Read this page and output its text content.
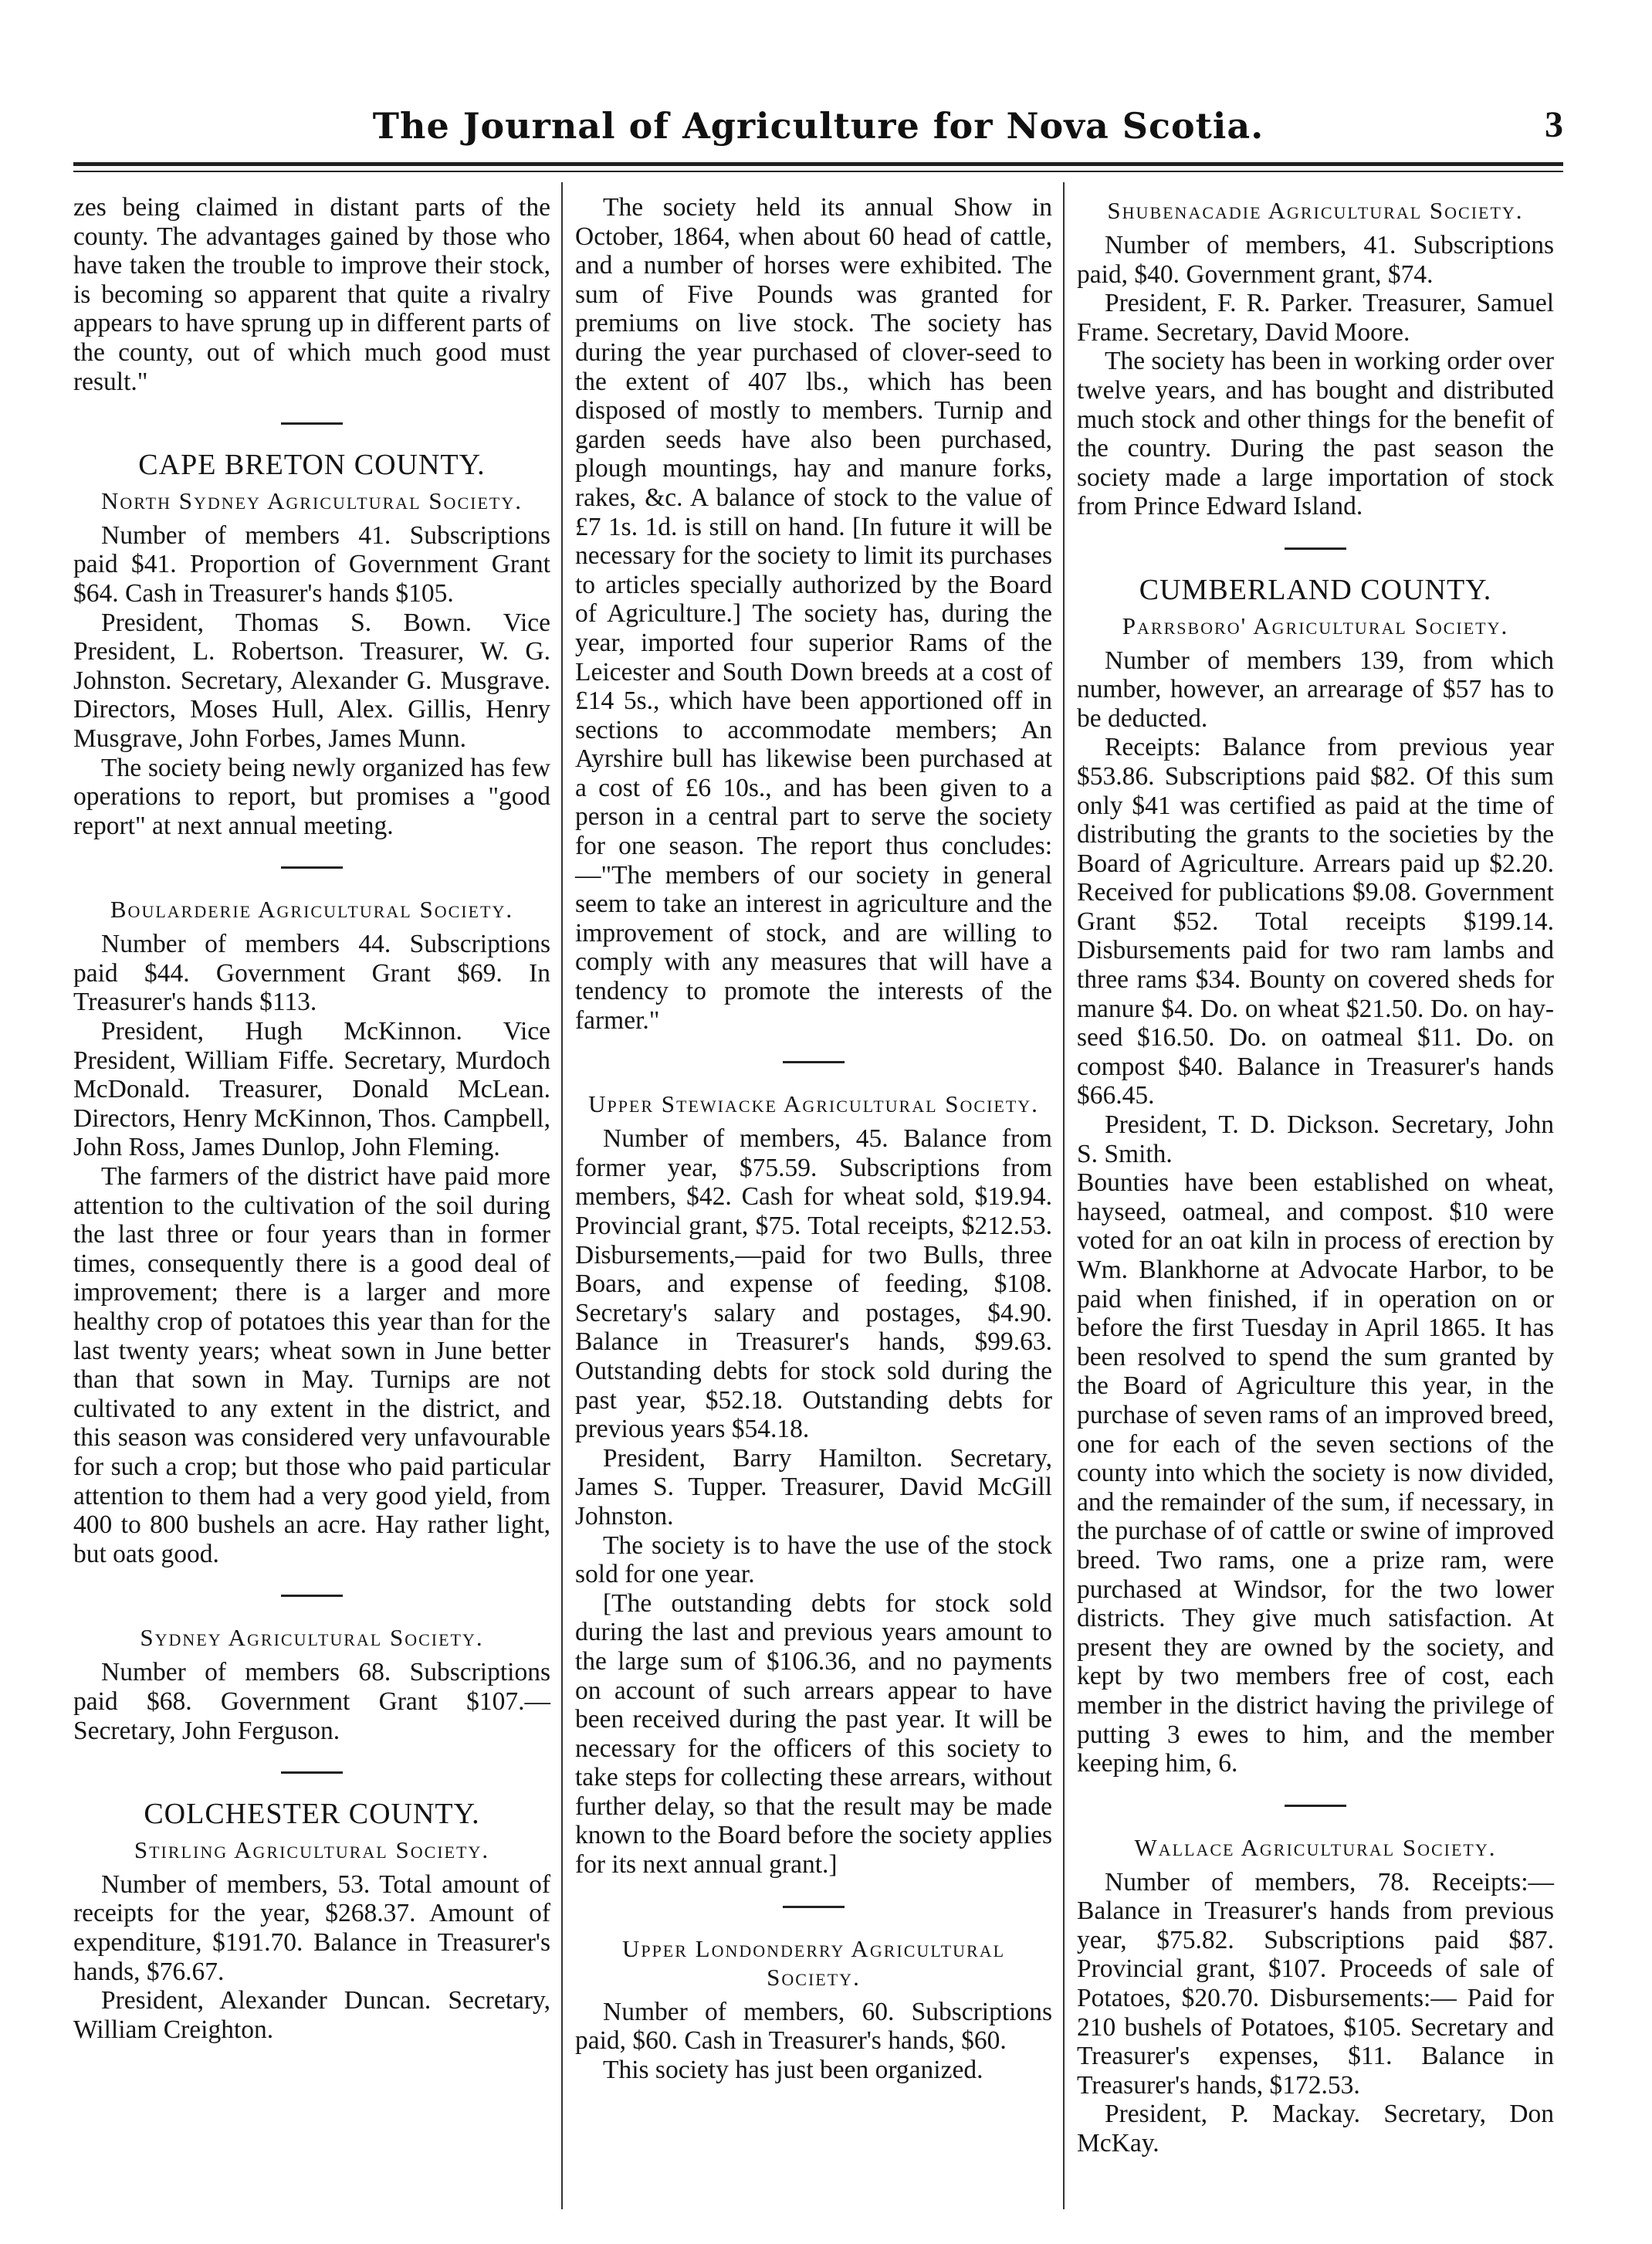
The Journal of Agriculture for Nova Scotia.	3

zes being claimed in distant parts of the county. The advantages gained by those who have taken the trouble to improve their stock, is becoming so apparent that quite a rivalry appears to have sprung up in different parts of the county, out of which much good must result."

CAPE BRETON COUNTY.
North Sydney Agricultural Society.

Number of members 41. Subscriptions paid $41. Proportion of Government Grant $64. Cash in Treasurer's hands $105.

President, Thomas S. Bown. Vice President, L. Robertson. Treasurer, W. G. Johnston. Secretary, Alexander G. Musgrave. Directors, Moses Hull, Alex. Gillis, Henry Musgrave, John Forbes, James Munn.

The society being newly organized has few operations to report, but promises a "good report" at next annual meeting.

Boularderie Agricultural Society.

Number of members 44. Subscriptions paid $44. Government Grant $69. In Treasurer's hands $113.

President, Hugh McKinnon. Vice President, William Fiffe. Secretary, Murdoch McDonald. Treasurer, Donald McLean. Directors, Henry McKinnon, Thos. Campbell, John Ross, James Dunlop, John Fleming.

The farmers of the district have paid more attention to the cultivation of the soil during the last three or four years than in former times, consequently there is a good deal of improvement; there is a larger and more healthy crop of potatoes this year than for the last twenty years; wheat sown in June better than that sown in May. Turnips are not cultivated to any extent in the district, and this season was considered very unfavourable for such a crop; but those who paid particular attention to them had a very good yield, from 400 to 800 bushels an acre. Hay rather light, but oats good.

Sydney Agricultural Society.

Number of members 68. Subscriptions paid $68. Government Grant $107.— Secretary, John Ferguson.

COLCHESTER COUNTY.
Stirling Agricultural Society.

Number of members, 53. Total amount of receipts for the year, $268.37. Amount of expenditure, $191.70. Balance in Treasurer's hands, $76.67.

President, Alexander Duncan. Secretary, William Creighton.

The society held its annual Show in October, 1864, when about 60 head of cattle, and a number of horses were exhibited. The sum of Five Pounds was granted for premiums on live stock. The society has during the year purchased of clover-seed to the extent of 407 lbs., which has been disposed of mostly to members. Turnip and garden seeds have also been purchased, plough mountings, hay and manure forks, rakes, &c. A balance of stock to the value of £7 1s. 1d. is still on hand. [In future it will be necessary for the society to limit its purchases to articles specially authorized by the Board of Agriculture.] The society has, during the year, imported four superior Rams of the Leicester and South Down breeds at a cost of £14 5s., which have been apportioned off in sections to accommodate members; An Ayrshire bull has likewise been purchased at a cost of £6 10s., and has been given to a person in a central part to serve the society for one season. The report thus concludes:—"The members of our society in general seem to take an interest in agriculture and the improvement of stock, and are willing to comply with any measures that will have a tendency to promote the interests of the farmer."

Upper Stewiacke Agricultural Society.

Number of members, 45. Balance from former year, $75.59. Subscriptions from members, $42. Cash for wheat sold, $19.94. Provincial grant, $75. Total receipts, $212.53. Disbursements,—paid for two Bulls, three Boars, and expense of feeding, $108. Secretary's salary and postages, $4.90. Balance in Treasurer's hands, $99.63. Outstanding debts for stock sold during the past year, $52.18. Outstanding debts for previous years $54.18.

President, Barry Hamilton. Secretary, James S. Tupper. Treasurer, David McGill Johnston.

The society is to have the use of the stock sold for one year.

[The outstanding debts for stock sold during the last and previous years amount to the large sum of $106.36, and no payments on account of such arrears appear to have been received during the past year. It will be necessary for the officers of this society to take steps for collecting these arrears, without further delay, so that the result may be made known to the Board before the society applies for its next annual grant.]

Upper Londonderry Agricultural Society.

Number of members, 60. Subscriptions paid, $60. Cash in Treasurer's hands, $60.

This society has just been organized.

Shubenacadie Agricultural Society.

Number of members, 41. Subscriptions paid, $40. Government grant, $74.

President, F. R. Parker. Treasurer, Samuel Frame. Secretary, David Moore.

The society has been in working order over twelve years, and has bought and distributed much stock and other things for the benefit of the country. During the past season the society made a large importation of stock from Prince Edward Island.

CUMBERLAND COUNTY.
Parrsboro' Agricultural Society.

Number of members 139, from which number, however, an arrearage of $57 has to be deducted.

Receipts: Balance from previous year $53.86. Subscriptions paid $82. Of this sum only $41 was certified as paid at the time of distributing the grants to the societies by the Board of Agriculture. Arrears paid up $2.20. Received for publications $9.08. Government Grant $52. Total receipts $199.14. Disbursements paid for two ram lambs and three rams $34. Bounty on covered sheds for manure $4. Do. on wheat $21.50. Do. on hay-seed $16.50. Do. on oatmeal $11. Do. on compost $40. Balance in Treasurer's hands $66.45.

President, T. D. Dickson. Secretary, John S. Smith.

Bounties have been established on wheat, hayseed, oatmeal, and compost. $10 were voted for an oat kiln in process of erection by Wm. Blankhorne at Advocate Harbor, to be paid when finished, if in operation on or before the first Tuesday in April 1865. It has been resolved to spend the sum granted by the Board of Agriculture this year, in the purchase of seven rams of an improved breed, one for each of the seven sections of the county into which the society is now divided, and the remainder of the sum, if necessary, in the purchase of of cattle or swine of improved breed. Two rams, one a prize ram, were purchased at Windsor, for the two lower districts. They give much satisfaction. At present they are owned by the society, and kept by two members free of cost, each member in the district having the privilege of putting 3 ewes to him, and the member keeping him, 6.

Wallace Agricultural Society.

Number of members, 78. Receipts:— Balance in Treasurer's hands from previous year, $75.82. Subscriptions paid $87. Provincial grant, $107. Proceeds of sale of Potatoes, $20.70. Disbursements:— Paid for 210 bushels of Potatoes, $105. Secretary and Treasurer's expenses, $11. Balance in Treasurer's hands, $172.53.

President, P. Mackay. Secretary, Don McKay.
